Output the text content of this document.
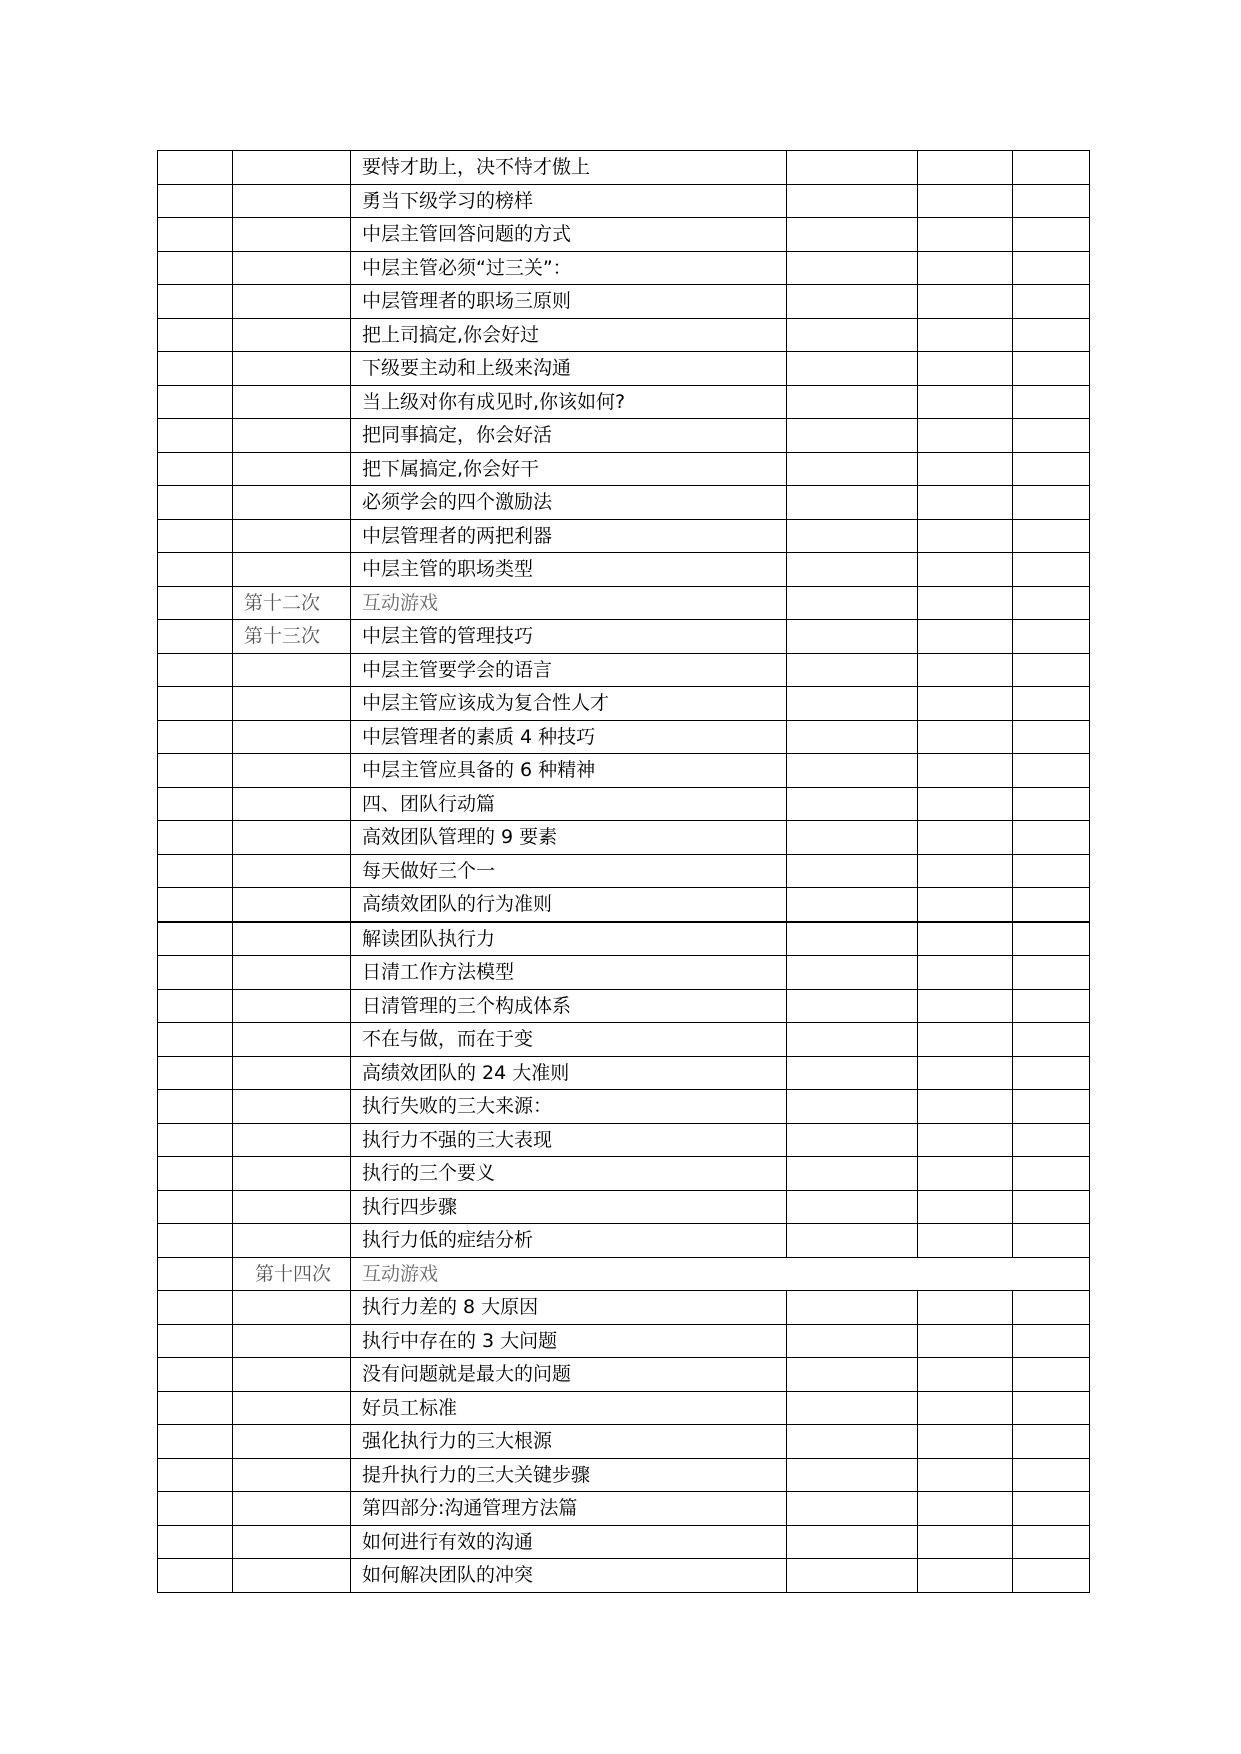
		要恃才助上，决不恃才傲上			
		勇当下级学习的榜样			
		中层主管回答问题的方式			
		中层主管必须“过三关”：			
		中层管理者的职场三原则			
		把上司搞定,你会好过			
		下级要主动和上级来沟通			
		当上级对你有成见时,你该如何?			
		把同事搞定，你会好活			
		把下属搞定,你会好干			
		必须学会的四个激励法			
		中层管理者的两把利器			
		中层主管的职场类型			
	第十二次	互动游戏			
	第十三次	中层主管的管理技巧			
		中层主管要学会的语言			
		中层主管应该成为复合性人才			
		中层管理者的素质 4 种技巧			
		中层主管应具备的 6 种精神			
		四、团队行动篇			
		高效团队管理的 9 要素			
		每天做好三个一			
		高绩效团队的行为准则			
		解读团队执行力			
		日清工作方法模型			
		日清管理的三个构成体系			
		不在与做，而在于变			
		高绩效团队的 24 大准则			
		执行失败的三大来源：			
		执行力不强的三大表现			
		执行的三个要义			
		执行四步骤			
		执行力低的症结分析			
	第十四次	互动游戏			
		执行力差的 8 大原因			
		执行中存在的 3 大问题			
		没有问题就是最大的问题			
		好员工标准			
		强化执行力的三大根源			
		提升执行力的三大关键步骤			
		第四部分:沟通管理方法篇			
		如何进行有效的沟通			
		如何解决团队的冲突			
